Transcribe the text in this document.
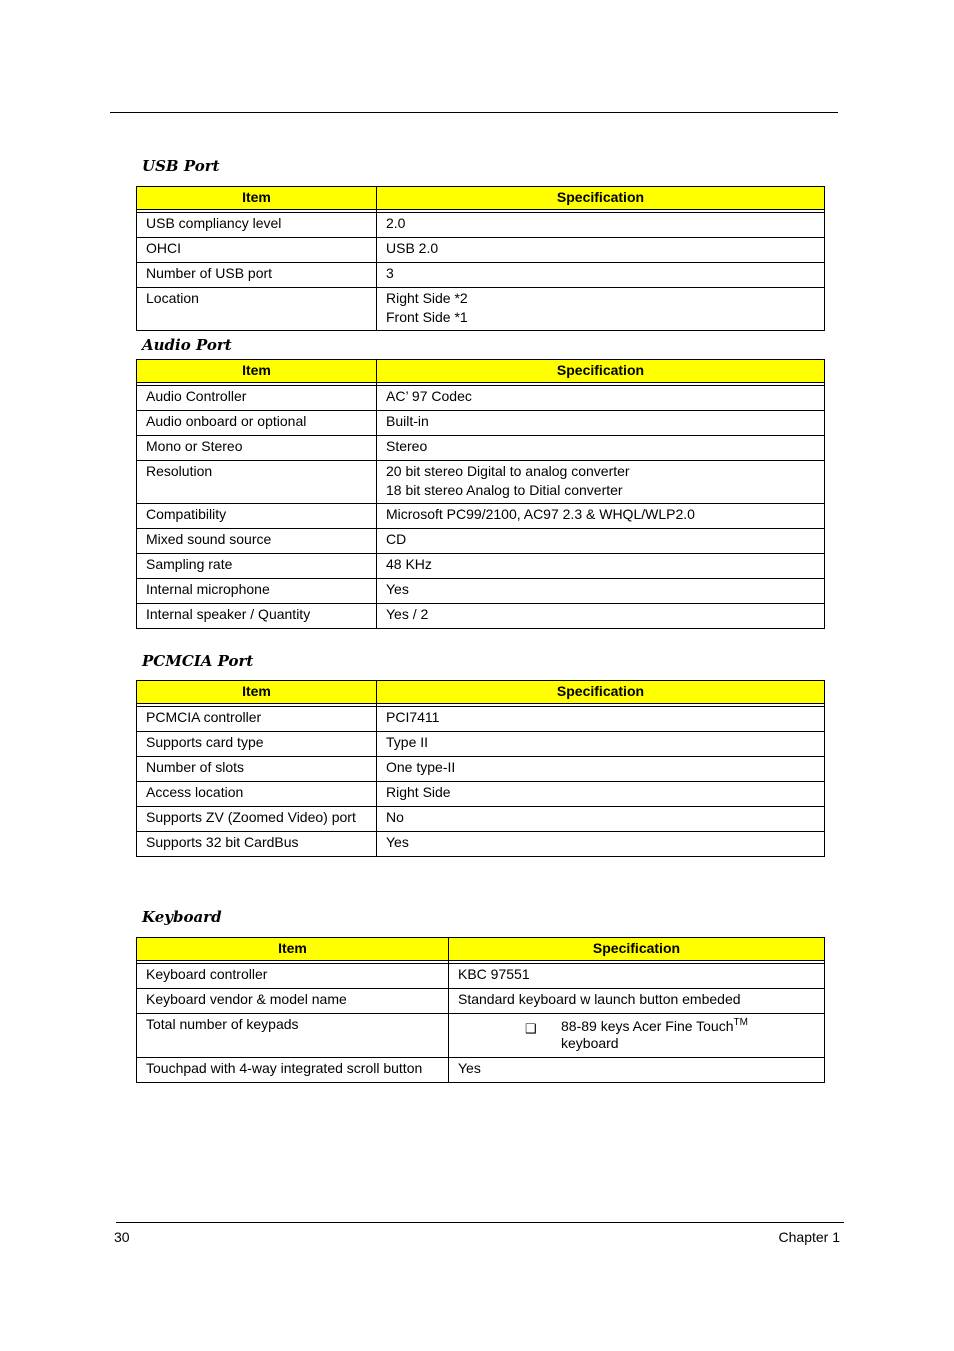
USB Port
Item	Specification

USB compliancy level	2.0
OHCI	USB 2.0
Number of USB port	3
Location	Right Side *2
Front Side *1
Audio Port
Item	Specification

Audio Controller	AC’ 97 Codec
Audio onboard or optional	Built-in
Mono or Stereo	Stereo
Resolution	20 bit stereo Digital to analog converter
18 bit stereo Analog to Ditial converter

Compatibility	Microsoft PC99/2100, AC97 2.3 & WHQL/WLP2.0
Mixed sound source	CD
Sampling rate	48 KHz
Internal microphone	Yes
Internal speaker / Quantity	Yes / 2
PCMCIA Port
Item	Specification

PCMCIA controller	PCI7411
Supports card type	Type II
Number of slots	One type-II
Access location	Right Side
Supports ZV (Zoomed Video) port	No
Supports 32 bit CardBus	Yes
Keyboard
Item	Specification

Keyboard controller	KBC 97551
Keyboard vendor & model name	Standard keyboard w launch button embeded
Total number of keypads	❑ 88-89 keys Acer Fine Touch™
keyboard

Touchpad with 4-way integrated scroll button	Yes
30	Chapter 1
